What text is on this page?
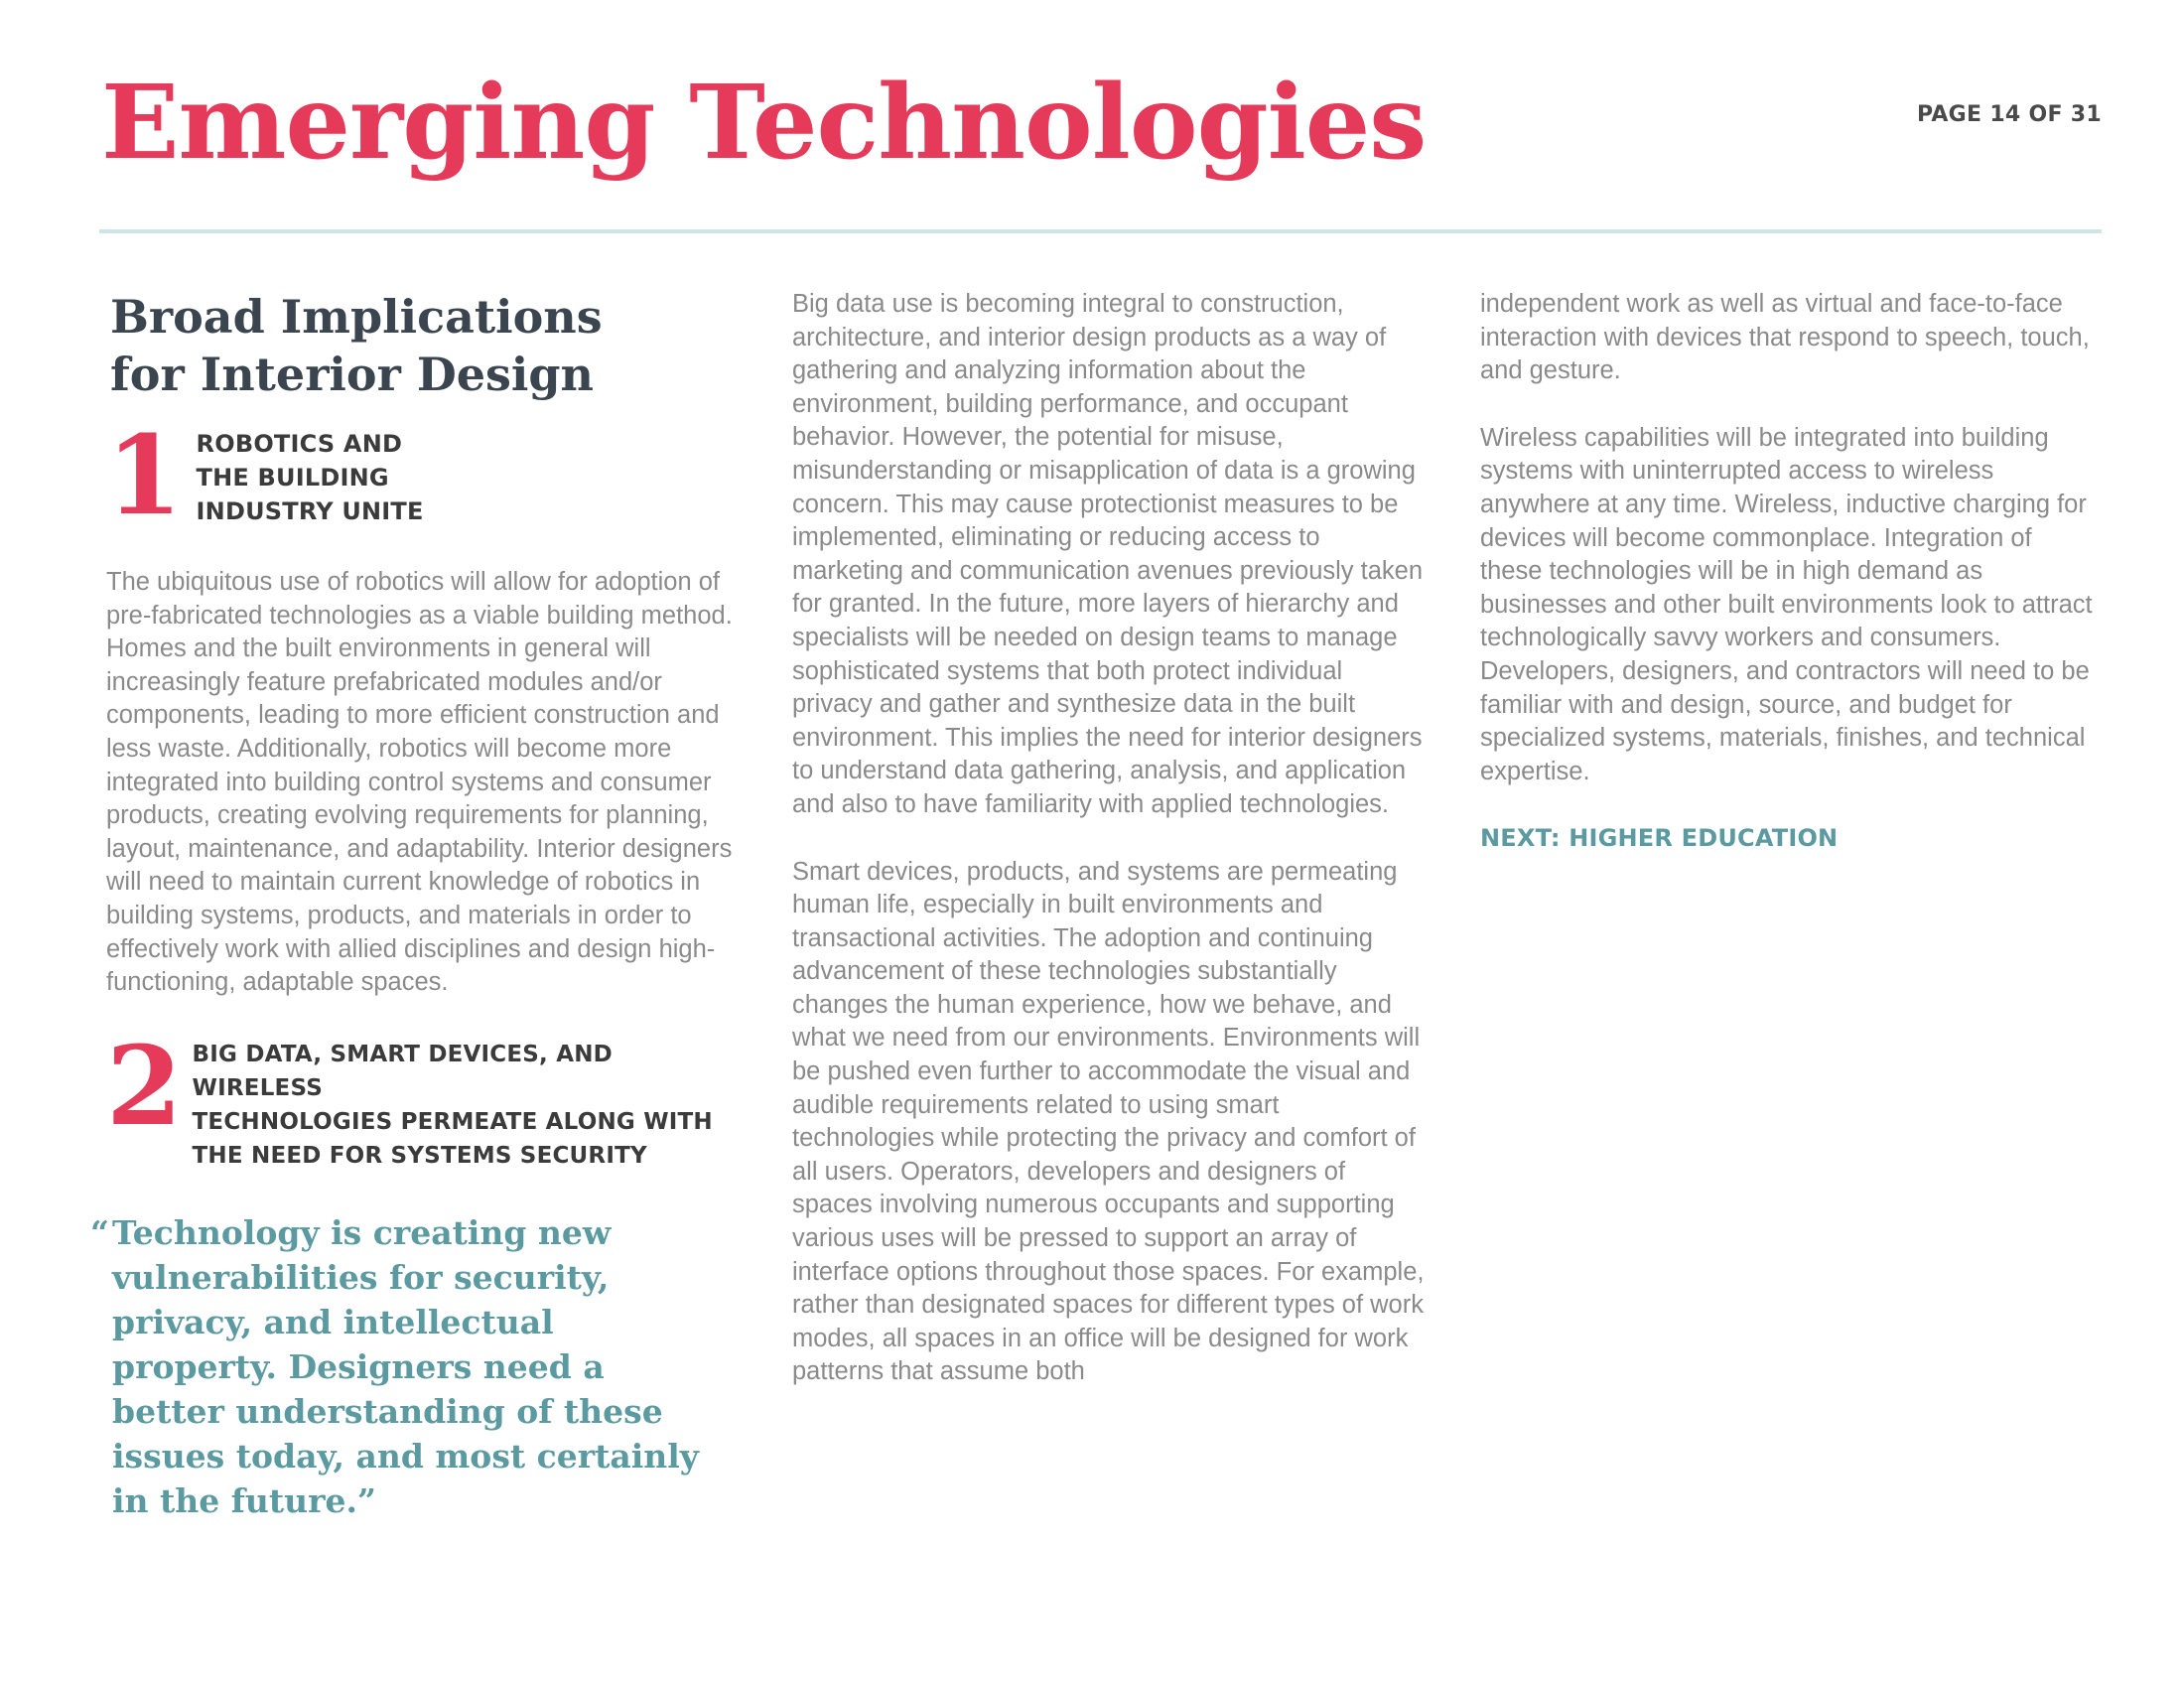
Emerging Technologies	PAGE 14 OF 31
Broad Implications
for Interior Design
1 ROBOTICS AND
THE BUILDING
INDUSTRY UNITE

The ubiquitous use of robotics will allow for adoption of pre-fabricated technologies as a viable building method. Homes and the built environments in general will increasingly feature prefabricated modules and/or components, leading to more efficient construction and less waste. Additionally, robotics will become more integrated into building control systems and consumer products, creating evolving requirements for planning, layout, maintenance, and adaptability. Interior designers will need to maintain current knowledge of robotics in building systems, products, and materials in order to effectively work with allied disciplines and design high-functioning, adaptable spaces.

2 BIG DATA, SMART DEVICES, AND WIRELESS
TECHNOLOGIES PERMEATE ALONG WITH
THE NEED FOR SYSTEMS SECURITY
“ Technology is creating new vulnerabilities for security, privacy, and intellectual property. Designers need a better understanding of these issues today, and most certainly in the future.”

Big data use is becoming integral to construction, architecture, and interior design products as a way of gathering and analyzing information about the environment, building performance, and occupant behavior. However, the potential for misuse, misunderstanding or misapplication of data is a growing concern. This may cause protectionist measures to be implemented, eliminating or reducing access to marketing and communication avenues previously taken for granted. In the future, more layers of hierarchy and specialists will be needed on design teams to manage sophisticated systems that both protect individual privacy and gather and synthesize data in the built environment. This implies the need for interior designers to understand data gathering, analysis, and application and also to have familiarity with applied technologies.

Smart devices, products, and systems are permeating human life, especially in built environments and transactional activities. The adoption and continuing advancement of these technologies substantially changes the human experience, how we behave, and what we need from our environments. Environments will be pushed even further to accommodate the visual and audible requirements related to using smart technologies while protecting the privacy and comfort of all users. Operators, developers and designers of spaces involving numerous occupants and supporting various uses will be pressed to support an array of interface options throughout those spaces. For example, rather than designated spaces for different types of work modes, all spaces in an office will be designed for work patterns that assume both

independent work as well as virtual and face-to-face interaction with devices that respond to speech, touch, and gesture.

Wireless capabilities will be integrated into building systems with uninterrupted access to wireless anywhere at any time. Wireless, inductive charging for devices will become commonplace. Integration of these technologies will be in high demand as businesses and other built environments look to attract technologically savvy workers and consumers. Developers, designers, and contractors will need to be familiar with and design, source, and budget for specialized systems, materials, finishes, and technical expertise.

NEXT: HIGHER EDUCATION
